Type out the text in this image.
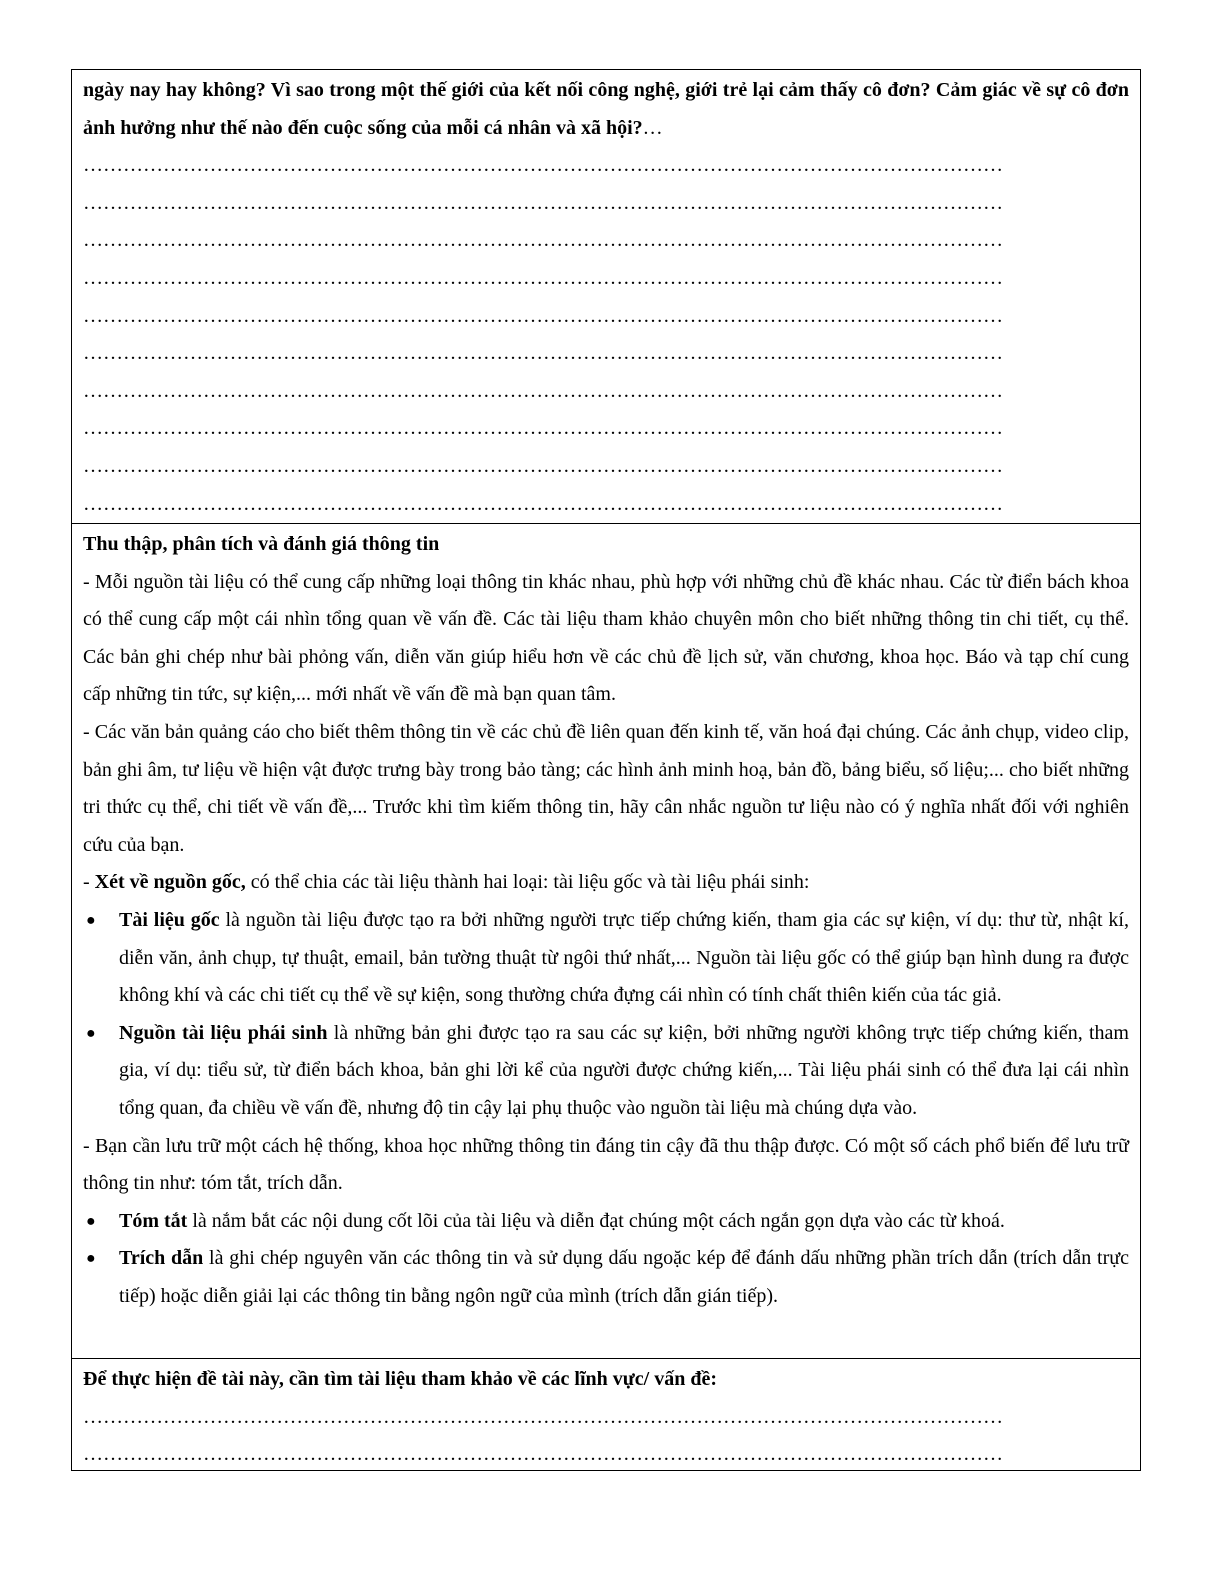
ngày nay hay không? Vì sao trong một thế giới của kết nối công nghệ, giới trẻ lại cảm thấy cô đơn? Cảm giác về sự cô đơn ảnh hưởng như thế nào đến cuộc sống của mỗi cá nhân và xã hội?…
…………………………………………………………………………………………………………………………
…………………………………………………………………………………………………………………………
…………………………………………………………………………………………………………………………
…………………………………………………………………………………………………………………………
…………………………………………………………………………………………………………………………
…………………………………………………………………………………………………………………………
…………………………………………………………………………………………………………………………
…………………………………………………………………………………………………………………………
…………………………………………………………………………………………………………………………
…………………………………………………………………………………………………………………………
Thu thập, phân tích và đánh giá thông tin
- Mỗi nguồn tài liệu có thể cung cấp những loại thông tin khác nhau, phù hợp với những chủ đề khác nhau. Các từ điển bách khoa có thể cung cấp một cái nhìn tổng quan về vấn đề. Các tài liệu tham khảo chuyên môn cho biết những thông tin chi tiết, cụ thể. Các bản ghi chép như bài phỏng vấn, diễn văn giúp hiểu hơn về các chủ đề lịch sử, văn chương, khoa học. Báo và tạp chí cung cấp những tin tức, sự kiện,... mới nhất về vấn đề mà bạn quan tâm.
- Các văn bản quảng cáo cho biết thêm thông tin về các chủ đề liên quan đến kinh tế, văn hoá đại chúng. Các ảnh chụp, video clip, bản ghi âm, tư liệu về hiện vật được trưng bày trong bảo tàng; các hình ảnh minh hoạ, bản đồ, bảng biểu, số liệu;... cho biết những tri thức cụ thể, chi tiết về vấn đề,... Trước khi tìm kiếm thông tin, hãy cân nhắc nguồn tư liệu nào có ý nghĩa nhất đối với nghiên cứu của bạn.
- Xét về nguồn gốc, có thể chia các tài liệu thành hai loại: tài liệu gốc và tài liệu phái sinh:
● Tài liệu gốc là nguồn tài liệu được tạo ra bởi những người trực tiếp chứng kiến, tham gia các sự kiện, ví dụ: thư từ, nhật kí, diễn văn, ảnh chụp, tự thuật, email, bản tường thuật từ ngôi thứ nhất,... Nguồn tài liệu gốc có thể giúp bạn hình dung ra được không khí và các chi tiết cụ thể về sự kiện, song thường chứa đựng cái nhìn có tính chất thiên kiến của tác giả.
● Nguồn tài liệu phái sinh là những bản ghi được tạo ra sau các sự kiện, bởi những người không trực tiếp chứng kiến, tham gia, ví dụ: tiểu sử, từ điển bách khoa, bản ghi lời kể của người được chứng kiến,... Tài liệu phái sinh có thể đưa lại cái nhìn tổng quan, đa chiều về vấn đề, nhưng độ tin cậy lại phụ thuộc vào nguồn tài liệu mà chúng dựa vào.
- Bạn cần lưu trữ một cách hệ thống, khoa học những thông tin đáng tin cậy đã thu thập được. Có một số cách phổ biến để lưu trữ thông tin như: tóm tắt, trích dẫn.
● Tóm tắt là nắm bắt các nội dung cốt lõi của tài liệu và diễn đạt chúng một cách ngắn gọn dựa vào các từ khoá.
● Trích dẫn là ghi chép nguyên văn các thông tin và sử dụng dấu ngoặc kép để đánh dấu những phần trích dẫn (trích dẫn trực tiếp) hoặc diễn giải lại các thông tin bằng ngôn ngữ của mình (trích dẫn gián tiếp).
Để thực hiện đề tài này, cần tìm tài liệu tham khảo về các lĩnh vực/ vấn đề:
…………………………………………………………………………………………………………………………
…………………………………………………………………………………………………………………………
